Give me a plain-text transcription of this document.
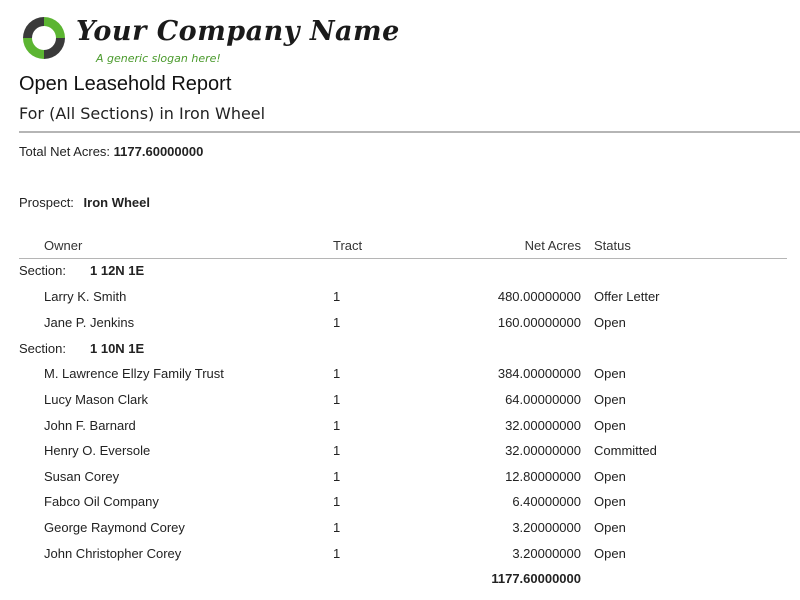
Your Company Name
A generic slogan here!
Open Leasehold Report
For (All Sections) in Iron Wheel
Total Net Acres: 1177.60000000
Prospect: Iron Wheel
Owner	Tract	Net Acres Status
Section: 1 12N 1E
Larry K. Smith	1	480.00000000 Offer Letter
Jane P. Jenkins	1	160.00000000 Open
Section: 1 10N 1E
M. Lawrence Ellzy Family Trust	1	384.00000000 Open
Lucy Mason Clark	1	64.00000000 Open
John F. Barnard	1	32.00000000 Open
Henry O. Eversole	1	32.00000000 Committed
Susan Corey	1	12.80000000 Open
Fabco Oil Company	1	6.40000000 Open
George Raymond Corey	1	3.20000000 Open
John Christopher Corey	1	3.20000000 Open
1177.60000000
